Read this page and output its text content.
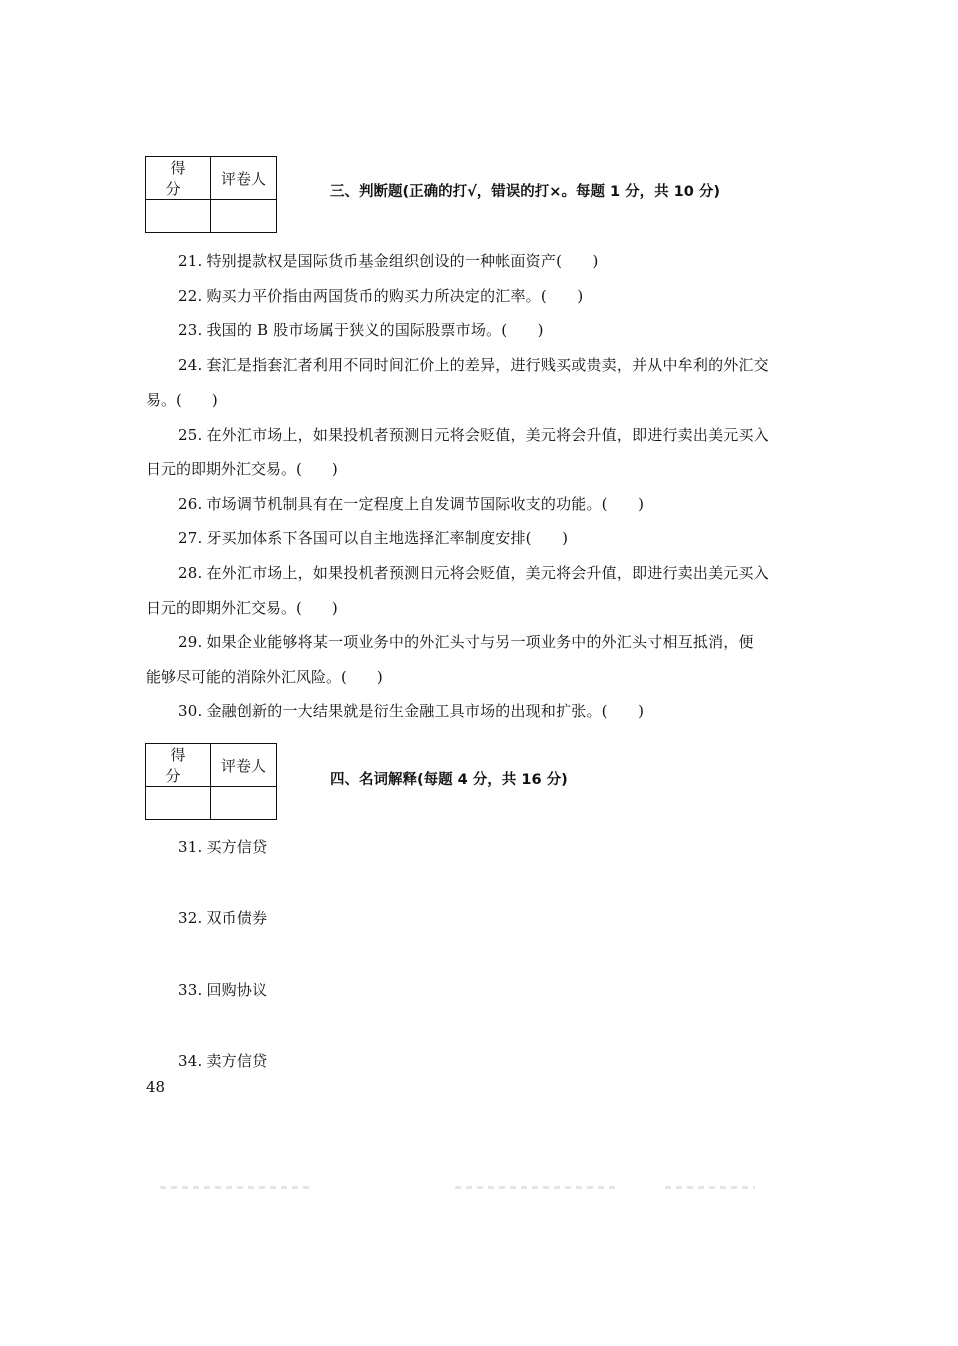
得 分	评卷人

三、判断题(正确的打√，错误的打×。每题 1 分，共 10 分)
21. 特别提款权是国际货币基金组织创设的一种帐面资产(　　)
22. 购买力平价指由两国货币的购买力所决定的汇率。(　　)
23. 我国的 B 股市场属于狭义的国际股票市场。(　　)
24. 套汇是指套汇者利用不同时间汇价上的差异，进行贱买或贵卖，并从中牟利的外汇交
易。(　　)
25. 在外汇市场上，如果投机者预测日元将会贬值，美元将会升值，即进行卖出美元买入
日元的即期外汇交易。(　　)
26. 市场调节机制具有在一定程度上自发调节国际收支的功能。(　　)
27. 牙买加体系下各国可以自主地选择汇率制度安排(　　)
28. 在外汇市场上，如果投机者预测日元将会贬值，美元将会升值，即进行卖出美元买入
日元的即期外汇交易。(　　)
29. 如果企业能够将某一项业务中的外汇头寸与另一项业务中的外汇头寸相互抵消，便
能够尽可能的消除外汇风险。(　　)
30. 金融创新的一大结果就是衍生金融工具市场的出现和扩张。(　　)
得 分	评卷人

四、名词解释(每题 4 分，共 16 分)
31. 买方信贷
32. 双币债券
33. 回购协议
34. 卖方信贷
48
